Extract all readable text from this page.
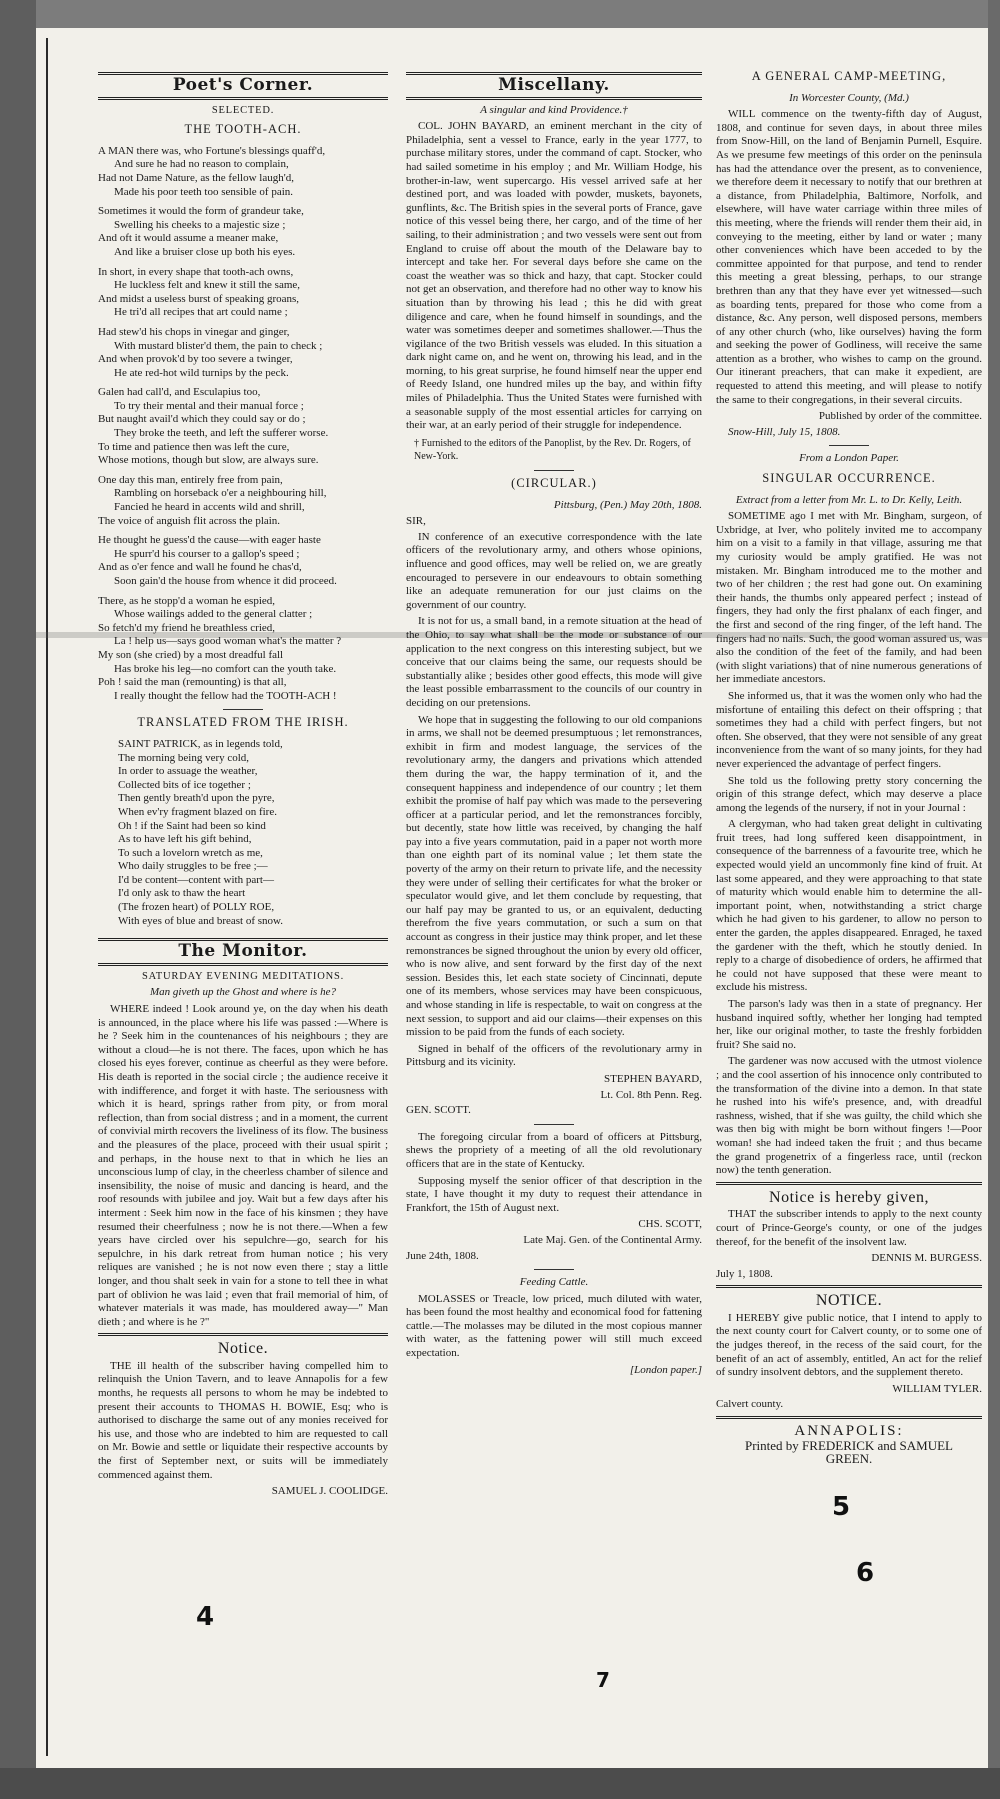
Poet's Corner.
SELECTED.
THE TOOTH-ACH.

A MAN there was, who Fortune's blessings quaff'd,

And sure he had no reason to complain,

Had not Dame Nature, as the fellow laugh'd,

Made his poor teeth too sensible of pain.

Sometimes it would the form of grandeur take,

Swelling his cheeks to a majestic size ;

And oft it would assume a meaner make,

And like a bruiser close up both his eyes.

In short, in every shape that tooth-ach owns,

He luckless felt and knew it still the same,

And midst a useless burst of speaking groans,

He tri'd all recipes that art could name ;

Had stew'd his chops in vinegar and ginger,

With mustard blister'd them, the pain to check ;

And when provok'd by too severe a twinger,

He ate red-hot wild turnips by the peck.

Galen had call'd, and Esculapius too,

To try their mental and their manual force ;

But naught avail'd which they could say or do ;

They broke the teeth, and left the sufferer worse.

To time and patience then was left the cure,

Whose motions, though but slow, are always sure.

One day this man, entirely free from pain,

Rambling on horseback o'er a neighbouring hill,

Fancied he heard in accents wild and shrill,

The voice of anguish flit across the plain.

He thought he guess'd the cause—with eager haste

He spurr'd his courser to a gallop's speed ;

And as o'er fence and wall he found he chas'd,

Soon gain'd the house from whence it did proceed.

There, as he stopp'd a woman he espied,

Whose wailings added to the general clatter ;

So fetch'd my friend he breathless cried,

La ! help us—says good woman what's the matter ?

My son (she cried) by a most dreadful fall

Has broke his leg—no comfort can the youth take.

Poh ! said the man (remounting) is that all,

I really thought the fellow had the TOOTH-ACH !

TRANSLATED FROM THE IRISH.

SAINT PATRICK, as in legends told,

The morning being very cold,

In order to assuage the weather,

Collected bits of ice together ;

Then gently breath'd upon the pyre,

When ev'ry fragment blazed on fire.

Oh ! if the Saint had been so kind

As to have left his gift behind,

To such a lovelorn wretch as me,

Who daily struggles to be free ;—

I'd be content—content with part—

I'd only ask to thaw the heart

(The frozen heart) of POLLY ROE,

With eyes of blue and breast of snow.

The Monitor.
SATURDAY EVENING MEDITATIONS.
Man giveth up the Ghost and where is he?

WHERE indeed ! Look around ye, on the day when his death is announced, in the place where his life was passed :—Where is he ? Seek him in the countenances of his neighbours ; they are without a cloud—he is not there. The faces, upon which he has closed his eyes forever, continue as cheerful as they were before. His death is reported in the social circle ; the audience receive it with indifference, and forget it with haste. The seriousness with which it is heard, springs rather from pity, or from moral reflection, than from social distress ; and in a moment, the current of convivial mirth recovers the liveliness of its flow. The business and the pleasures of the place, proceed with their usual spirit ; and perhaps, in the house next to that in which he lies an unconscious lump of clay, in the cheerless chamber of silence and insensibility, the noise of music and dancing is heard, and the roof resounds with jubilee and joy. Wait but a few days after his interment : Seek him now in the face of his kinsmen ; they have resumed their cheerfulness ; now he is not there.—When a few years have circled over his sepulchre—go, search for his sepulchre, in his dark retreat from human notice ; his very reliques are vanished ; he is not now even there ; stay a little longer, and thou shalt seek in vain for a stone to tell thee in what part of oblivion he was laid ; even that frail memorial of him, of whatever materials it was made, has mouldered away—" Man dieth ; and where is he ?"

Notice.

THE ill health of the subscriber having compelled him to relinquish the Union Tavern, and to leave Annapolis for a few months, he requests all persons to whom he may be indebted to present their accounts to THOMAS H. BOWIE, Esq; who is authorised to discharge the same out of any monies received for his use, and those who are indebted to him are requested to call on Mr. Bowie and settle or liquidate their respective accounts by the first of September next, or suits will be immediately commenced against them.

SAMUEL J. COOLIDGE.
Miscellany.
A singular and kind Providence.†

COL. JOHN BAYARD, an eminent merchant in the city of Philadelphia, sent a vessel to France, early in the year 1777, to purchase military stores, under the command of capt. Stocker, who had sailed sometime in his employ ; and Mr. William Hodge, his brother-in-law, went supercargo. His vessel arrived safe at her destined port, and was loaded with powder, muskets, bayonets, gunflints, &c. The British spies in the several ports of France, gave notice of this vessel being there, her cargo, and of the time of her sailing, to their administration ; and two vessels were sent out from England to cruise off about the mouth of the Delaware bay to intercept and take her. For several days before she came on the coast the weather was so thick and hazy, that capt. Stocker could not get an observation, and therefore had no other way to know his situation than by throwing his lead ; this he did with great diligence and care, when he found himself in soundings, and the water was sometimes deeper and sometimes shallower.—Thus the vigilance of the two British vessels was eluded. In this situation a dark night came on, and he went on, throwing his lead, and in the morning, to his great surprise, he found himself near the upper end of Reedy Island, one hundred miles up the bay, and within fifty miles of Philadelphia. Thus the United States were furnished with a seasonable supply of the most essential articles for carrying on their war, at an early period of their struggle for independence.

† Furnished to the editors of the Panoplist, by the Rev. Dr. Rogers, of New-York.
(CIRCULAR.)
Pittsburg, (Pen.) May 20th, 1808.
SIR,

IN conference of an executive correspondence with the late officers of the revolutionary army, and others whose opinions, influence and good offices, may well be relied on, we are greatly encouraged to persevere in our endeavours to obtain something like an adequate remuneration for our just claims on the government of our country.

It is not for us, a small band, in a remote situation at the head of the Ohio, to say what shall be the mode or substance of our application to the next congress on this interesting subject, but we conceive that our claims being the same, our requests should be substantially alike ; besides other good effects, this mode will give the least possible embarrassment to the councils of our country in deciding on our pretensions.

We hope that in suggesting the following to our old companions in arms, we shall not be deemed presumptuous ; let remonstrances, exhibit in firm and modest language, the services of the revolutionary army, the dangers and privations which attended them during the war, the happy termination of it, and the consequent happiness and independence of our country ; let them exhibit the promise of half pay which was made to the persevering officer at a particular period, and let the remonstrances forcibly, but decently, state how little was received, by changing the half pay into a five years commutation, paid in a paper not worth more than one eighth part of its nominal value ; let them state the poverty of the army on their return to private life, and the necessity they were under of selling their certificates for what the broker or speculator would give, and let them conclude by requesting, that our half pay may be granted to us, or an equivalent, deducting therefrom the five years commutation, or such a sum on that account as congress in their justice may think proper, and let these remonstrances be signed throughout the union by every old officer, who is now alive, and sent forward by the first day of the next session. Besides this, let each state society of Cincinnati, depute one of its members, whose services may have been conspicuous, and whose standing in life is respectable, to wait on congress at the next session, to support and aid our claims—their expenses on this mission to be paid from the funds of each society.

Signed in behalf of the officers of the revolutionary army in Pittsburg and its vicinity.

STEPHEN BAYARD,
Lt. Col. 8th Penn. Reg.
GEN. SCOTT.

The foregoing circular from a board of officers at Pittsburg, shews the propriety of a meeting of all the old revolutionary officers that are in the state of Kentucky.

Supposing myself the senior officer of that description in the state, I have thought it my duty to request their attendance in Frankfort, the 15th of August next.

CHS. SCOTT,
Late Maj. Gen. of the Continental Army.
June 24th, 1808.
Feeding Cattle.

MOLASSES or Treacle, low priced, much diluted with water, has been found the most healthy and economical food for fattening cattle.—The molasses may be diluted in the most copious manner with water, as the fattening power will still much exceed expectation.

[London paper.]
A GENERAL CAMP-MEETING,
In Worcester County, (Md.)

WILL commence on the twenty-fifth day of August, 1808, and continue for seven days, in about three miles from Snow-Hill, on the land of Benjamin Purnell, Esquire. As we presume few meetings of this order on the peninsula has had the attendance over the present, as to convenience, we therefore deem it necessary to notify that our brethren at a distance, from Philadelphia, Baltimore, Norfolk, and elsewhere, will have water carriage within three miles of this meeting, where the friends will render them their aid, in conveying to the meeting, either by land or water ; many other conveniences which have been acceded to by the committee appointed for that purpose, and tend to render this meeting a great blessing, perhaps, to our strange brethren than any that they have ever yet witnessed—such as boarding tents, prepared for those who come from a distance, &c. Any person, well disposed persons, members of any other church (who, like ourselves) having the form and seeking the power of Godliness, will receive the same attention as a brother, who wishes to camp on the ground. Our itinerant preachers, that can make it expedient, are requested to attend this meeting, and will please to notify the same to their congregations, in their several circuits.

Published by order of the committee.
Snow-Hill, July 15, 1808.
From a London Paper.
SINGULAR OCCURRENCE.
Extract from a letter from Mr. L. to Dr. Kelly, Leith.

SOMETIME ago I met with Mr. Bingham, surgeon, of Uxbridge, at Iver, who politely invited me to accompany him on a visit to a family in that village, assuring me that my curiosity would be amply gratified. He was not mistaken. Mr. Bingham introduced me to the mother and two of her children ; the rest had gone out. On examining their hands, the thumbs only appeared perfect ; instead of fingers, they had only the first phalanx of each finger, and the first and second of the ring finger, of the left hand. The fingers had no nails. Such, the good woman assured us, was also the condition of the feet of the family, and had been (with slight variations) that of nine numerous generations of her immediate ancestors.

She informed us, that it was the women only who had the misfortune of entailing this defect on their offspring ; that sometimes they had a child with perfect fingers, but not often. She observed, that they were not sensible of any great inconvenience from the want of so many joints, for they had never experienced the advantage of perfect fingers.

She told us the following pretty story concerning the origin of this strange defect, which may deserve a place among the legends of the nursery, if not in your Journal :

A clergyman, who had taken great delight in cultivating fruit trees, had long suffered keen disappointment, in consequence of the barrenness of a favourite tree, which he expected would yield an uncommonly fine kind of fruit. At last some appeared, and they were approaching to that state of maturity which would enable him to determine the all-important point, when, notwithstanding a strict charge which he had given to his gardener, to allow no person to enter the garden, the apples disappeared. Enraged, he taxed the gardener with the theft, which he stoutly denied. In reply to a charge of disobedience of orders, he affirmed that he could not have supposed that these were meant to exclude his mistress.

The parson's lady was then in a state of pregnancy. Her husband inquired softly, whether her longing had tempted her, like our original mother, to taste the freshly forbidden fruit? She said no.

The gardener was now accused with the utmost violence ; and the cool assertion of his innocence only contributed to the transformation of the divine into a demon. In that state he rushed into his wife's presence, and, with dreadful rashness, wished, that if she was guilty, the child which she was then big with might be born without fingers !—Poor woman! she had indeed taken the fruit ; and thus became the grand progenetrix of a fingerless race, until (reckon now) the tenth generation.

Notice is hereby given,

THAT the subscriber intends to apply to the next county court of Prince-George's county, or one of the judges thereof, for the benefit of the insolvent law.

DENNIS M. BURGESS.
July 1, 1808.
NOTICE.

I HEREBY give public notice, that I intend to apply to the next county court for Calvert county, or to some one of the judges thereof, in the recess of the said court, for the benefit of an act of assembly, entitled, An act for the relief of sundry insolvent debtors, and the supplement thereto.

WILLIAM TYLER.
Calvert county.
ANNAPOLIS:
Printed by FREDERICK and SAMUEL
GREEN.
4
5
6
7
